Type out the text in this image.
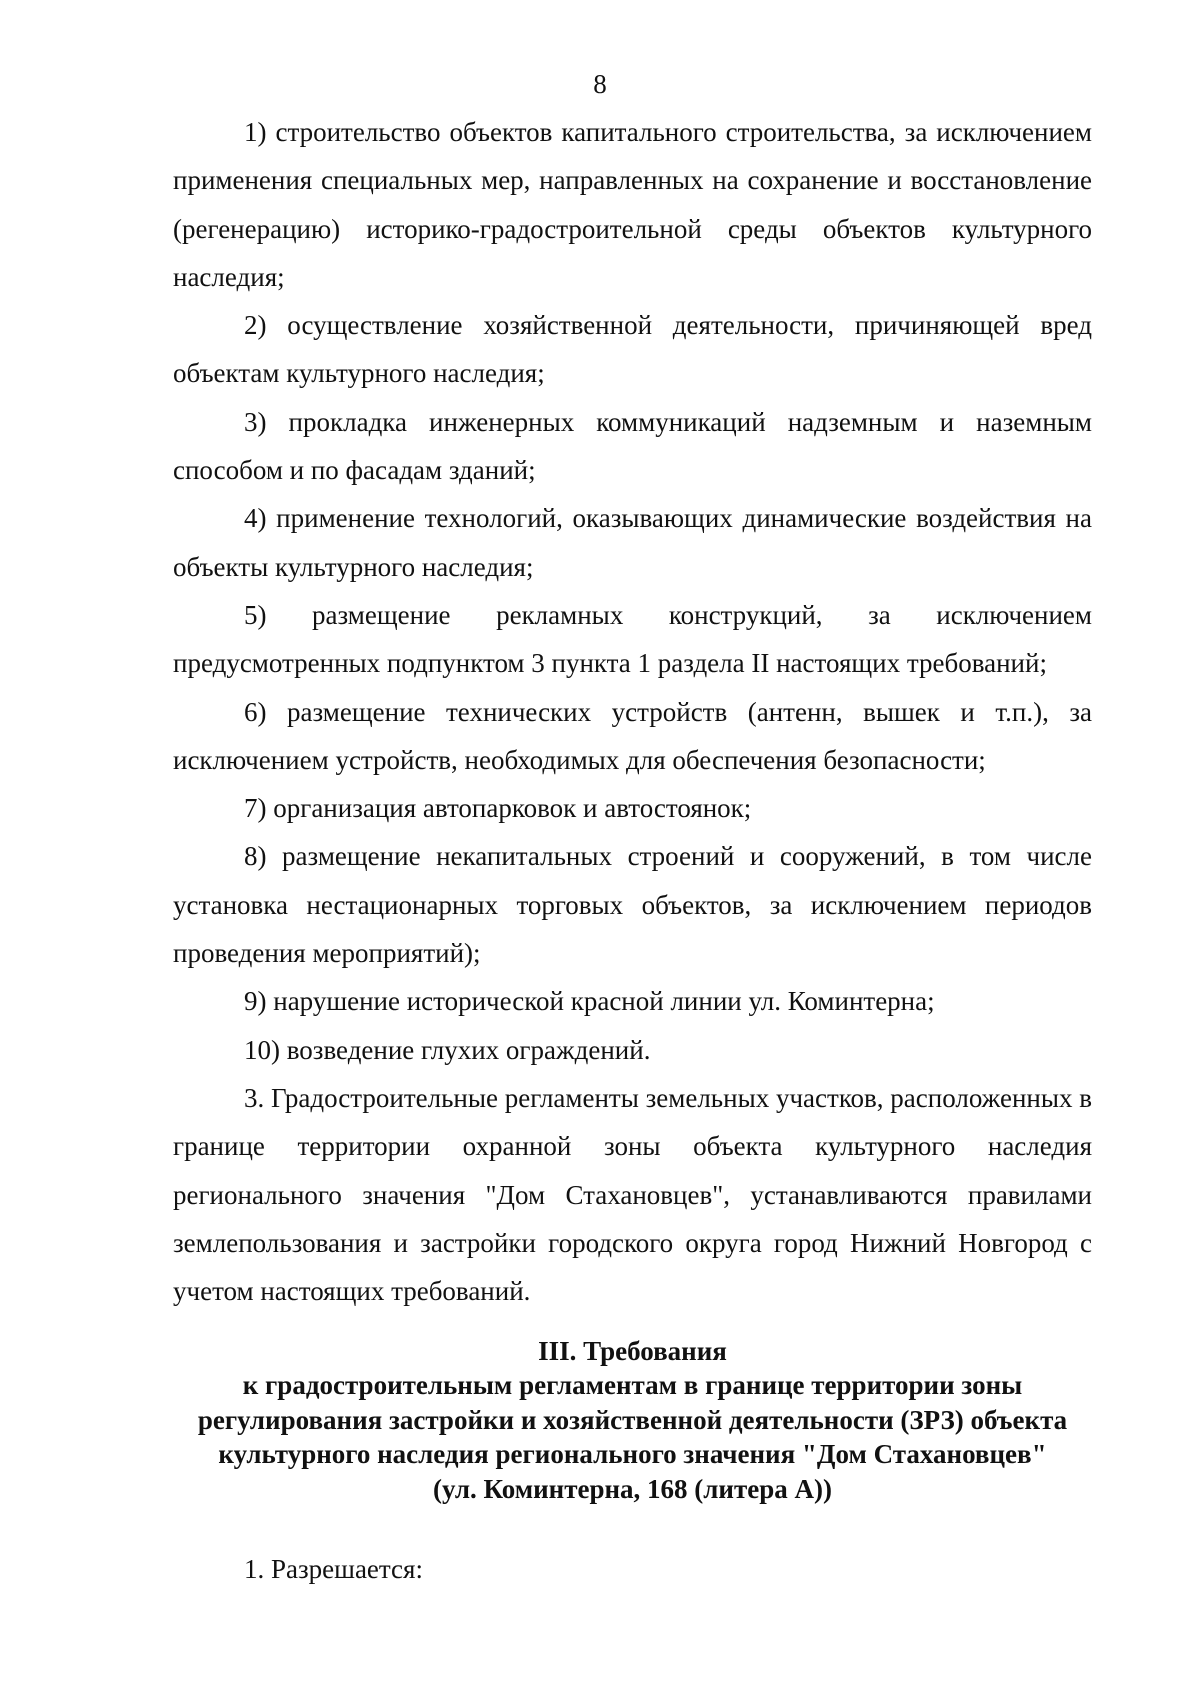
8

1) строительство объектов капитального строительства, за исключением применения специальных мер, направленных на сохранение и восстановление (регенерацию) историко-градостроительной среды объектов культурного наследия;

2) осуществление хозяйственной деятельности, причиняющей вред объектам культурного наследия;

3) прокладка инженерных коммуникаций надземным и наземным способом и по фасадам зданий;

4) применение технологий, оказывающих динамические воздействия на объекты культурного наследия;

5) размещение рекламных конструкций, за исключением предусмотренных подпунктом 3 пункта 1 раздела II настоящих требований;

6) размещение технических устройств (антенн, вышек и т.п.), за исключением устройств, необходимых для обеспечения безопасности;

7) организация автопарковок и автостоянок;

8) размещение некапитальных строений и сооружений, в том числе установка нестационарных торговых объектов, за исключением периодов проведения мероприятий);

9) нарушение исторической красной линии ул. Коминтерна;

10) возведение глухих ограждений.

3. Градостроительные регламенты земельных участков, расположенных в границе территории охранной зоны объекта культурного наследия регионального значения "Дом Стахановцев", устанавливаются правилами землепользования и застройки городского округа город Нижний Новгород с учетом настоящих требований.

III. Требования
к градостроительным регламентам в границе территории зоны
регулирования застройки и хозяйственной деятельности (ЗРЗ) объекта
культурного наследия регионального значения "Дом Стахановцев"
(ул. Коминтерна, 168 (литера А))
1. Разрешается:
